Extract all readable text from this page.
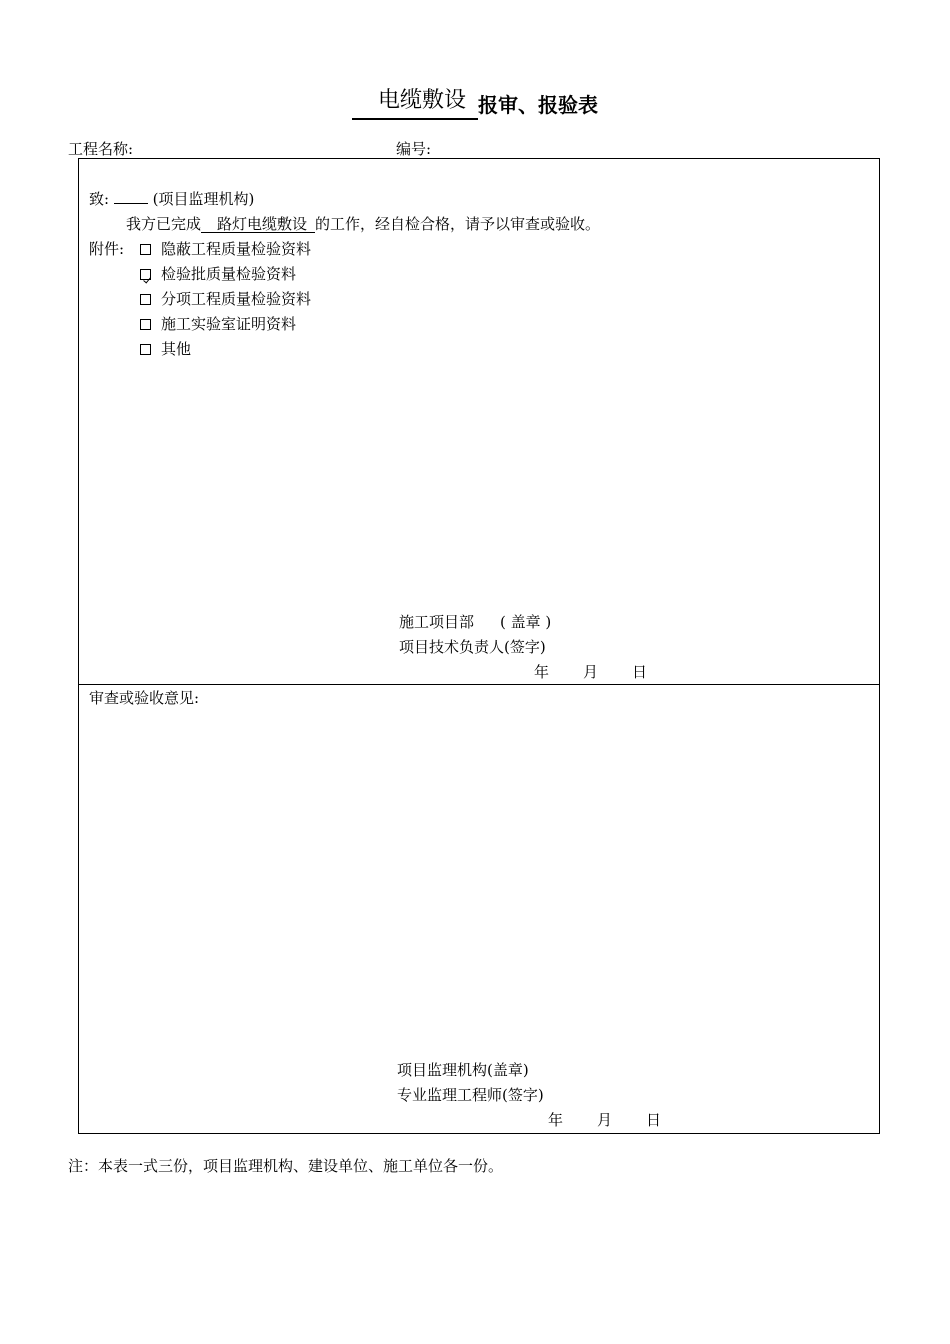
电缆敷设 报审、报验表
工程名称:	编号:
致:	(项目监理机构)
我方已完成 路灯电缆敷设 的工作，经自检合格，请予以审查或验收。
附件:	隐蔽工程质量检验资料
检验批质量检验资料
分项工程质量检验资料
施工实验室证明资料
其他
施工项目部 ( 盖章 )
项目技术负责人(签字)
年 月 日
审查或验收意见:
项目监理机构(盖章)
专业监理工程师(签字)
年 月 日
注：本表一式三份，项目监理机构、建设单位、施工单位各一份。
